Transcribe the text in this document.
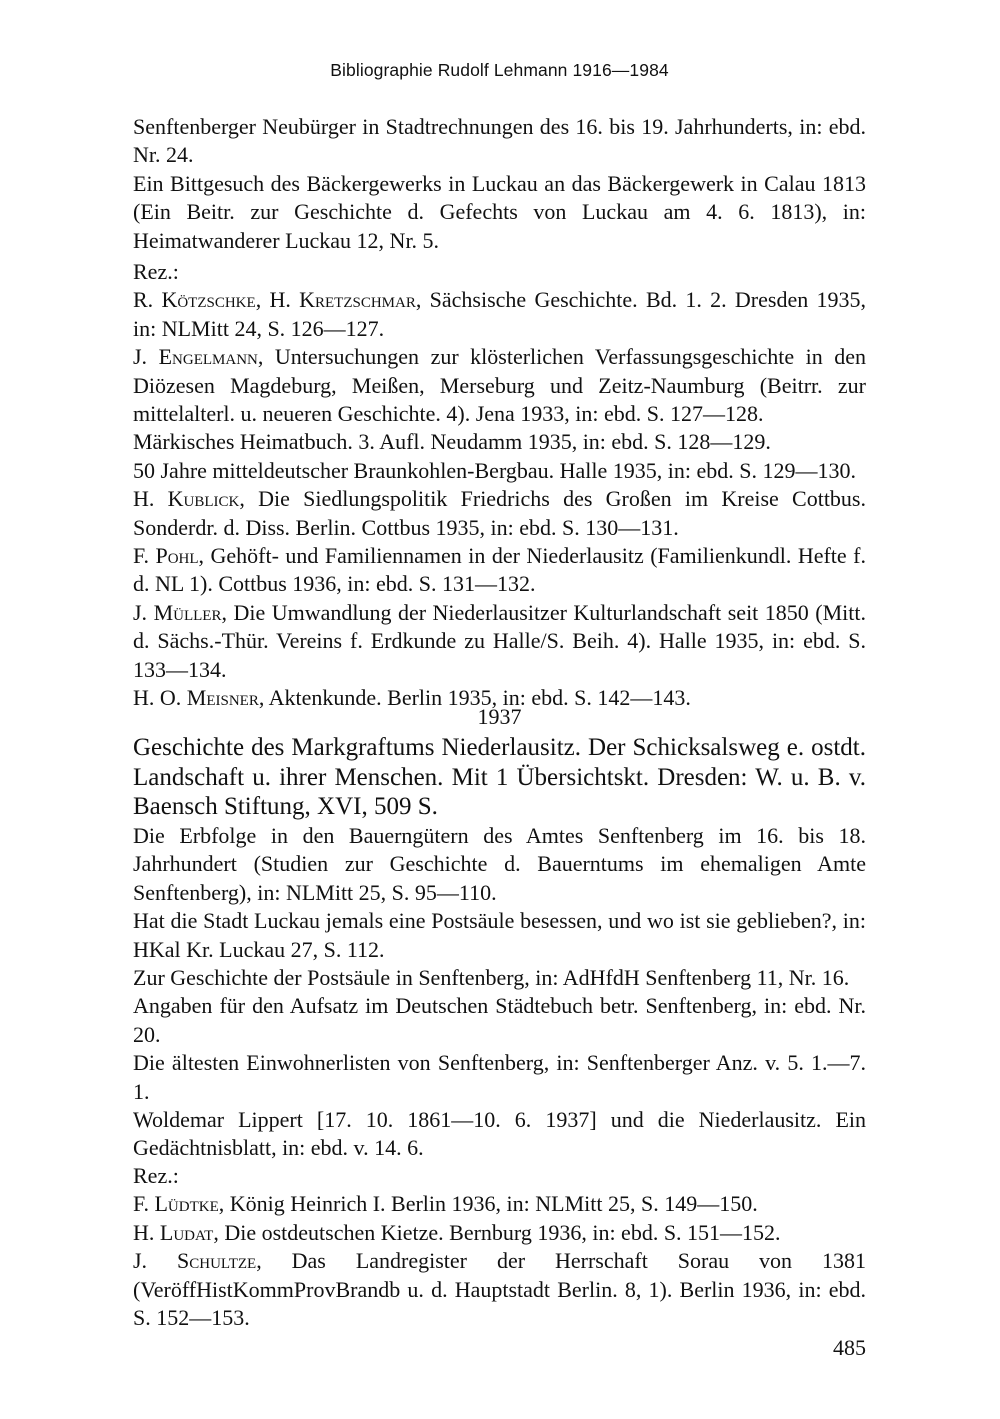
Bibliographie Rudolf Lehmann 1916—1984

Senftenberger Neubürger in Stadtrechnungen des 16. bis 19. Jahrhunderts, in: ebd. Nr. 24.

Ein Bittgesuch des Bäckergewerks in Luckau an das Bäckergewerk in Calau 1813 (Ein Beitr. zur Geschichte d. Gefechts von Luckau am 4. 6. 1813), in: Heimatwanderer Luckau 12, Nr. 5.

Rez.:

R. Kötzschke, H. Kretzschmar, Sächsische Geschichte. Bd. 1. 2. Dresden 1935, in: NLMitt 24, S. 126—127.

J. Engelmann, Untersuchungen zur klösterlichen Verfassungsgeschichte in den Diözesen Magdeburg, Meißen, Merseburg und Zeitz-Naumburg (Beitrr. zur mittelalterl. u. neueren Geschichte. 4). Jena 1933, in: ebd. S. 127—128.

Märkisches Heimatbuch. 3. Aufl. Neudamm 1935, in: ebd. S. 128—129.

50 Jahre mitteldeutscher Braunkohlen-Bergbau. Halle 1935, in: ebd. S. 129—130.

H. Kublick, Die Siedlungspolitik Friedrichs des Großen im Kreise Cottbus. Sonderdr. d. Diss. Berlin. Cottbus 1935, in: ebd. S. 130—131.

F. Pohl, Gehöft- und Familiennamen in der Niederlausitz (Familienkundl. Hefte f. d. NL 1). Cottbus 1936, in: ebd. S. 131—132.

J. Müller, Die Umwandlung der Niederlausitzer Kulturlandschaft seit 1850 (Mitt. d. Sächs.-Thür. Vereins f. Erdkunde zu Halle/S. Beih. 4). Halle 1935, in: ebd. S. 133—134.

H. O. Meisner, Aktenkunde. Berlin 1935, in: ebd. S. 142—143.

1937

Geschichte des Markgraftums Niederlausitz. Der Schicksalsweg e. ostdt. Landschaft u. ihrer Menschen. Mit 1 Übersichtskt. Dresden: W. u. B. v. Baensch Stiftung, XVI, 509 S.

Die Erbfolge in den Bauerngütern des Amtes Senftenberg im 16. bis 18. Jahrhundert (Studien zur Geschichte d. Bauerntums im ehemaligen Amte Senftenberg), in: NLMitt 25, S. 95—110.

Hat die Stadt Luckau jemals eine Postsäule besessen, und wo ist sie geblieben?, in: HKal Kr. Luckau 27, S. 112.

Zur Geschichte der Postsäule in Senftenberg, in: AdHfdH Senftenberg 11, Nr. 16.

Angaben für den Aufsatz im Deutschen Städtebuch betr. Senftenberg, in: ebd. Nr. 20.

Die ältesten Einwohnerlisten von Senftenberg, in: Senftenberger Anz. v. 5. 1.—7. 1.

Woldemar Lippert [17. 10. 1861—10. 6. 1937] und die Niederlausitz. Ein Gedächtnisblatt, in: ebd. v. 14. 6.

Rez.:

F. Lüdtke, König Heinrich I. Berlin 1936, in: NLMitt 25, S. 149—150.

H. Ludat, Die ostdeutschen Kietze. Bernburg 1936, in: ebd. S. 151—152.

J. Schultze, Das Landregister der Herrschaft Sorau von 1381 (VeröffHistKommProvBrandb u. d. Hauptstadt Berlin. 8, 1). Berlin 1936, in: ebd. S. 152—153.

485
